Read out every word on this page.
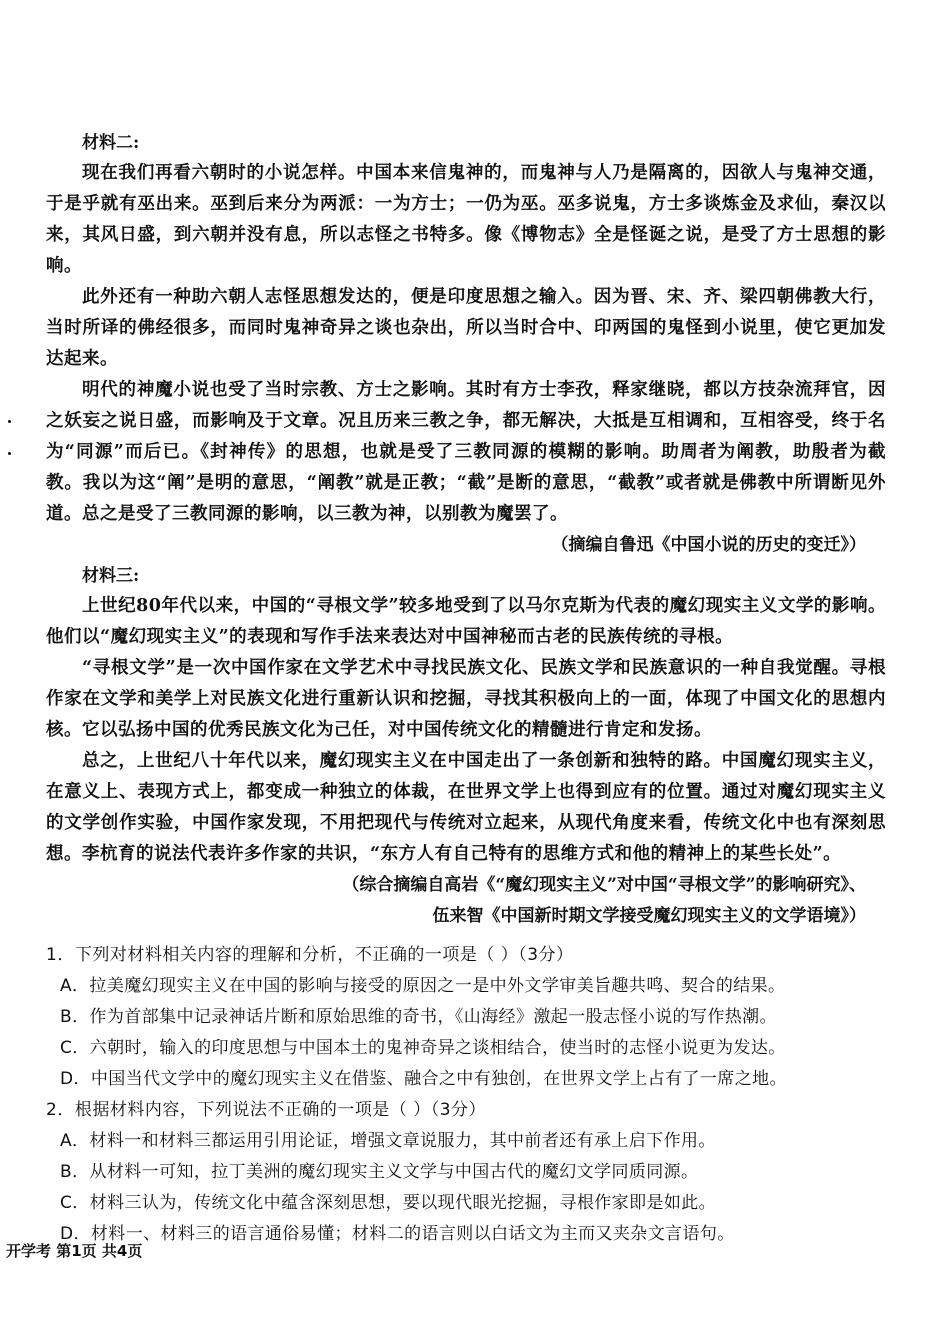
材料二:

现在我们再看六朝时的小说怎样。中国本来信鬼神的，而鬼神与人乃是隔离的，因欲人与鬼神交通，于是乎就有巫出来。巫到后来分为两派：一为方士；一仍为巫。巫多说鬼，方士多谈炼金及求仙，秦汉以来，其风日盛，到六朝并没有息，所以志怪之书特多。像《博物志》全是怪诞之说，是受了方士思想的影响。

此外还有一种助六朝人志怪思想发达的，便是印度思想之输入。因为晋、宋、齐、梁四朝佛教大行，当时所译的佛经很多，而同时鬼神奇异之谈也杂出，所以当时合中、印两国的鬼怪到小说里，使它更加发达起来。

明代的神魔小说也受了当时宗教、方士之影响。其时有方士李孜，释家继晓，都以方技杂流拜官，因之妖妄之说日盛，而影响及于文章。况且历来三教之争，都无解决，大抵是互相调和，互相容受，终于名为“同源”而后已。《封神传》的思想，也就是受了三教同源的模糊的影响。助周者为阐教，助殷者为截教。我以为这“阐”是明的意思，“阐教”就是正教；“截”是断的意思，“截教”或者就是佛教中所谓断见外道。总之是受了三教同源的影响，以三教为神，以别教为魔罢了。

（摘编自鲁迅《中国小说的历史的变迁》）

材料三:

上世纪80年代以来，中国的“寻根文学”较多地受到了以马尔克斯为代表的魔幻现实主义文学的影响。他们以“魔幻现实主义”的表现和写作手法来表达对中国神秘而古老的民族传统的寻根。

“寻根文学”是一次中国作家在文学艺术中寻找民族文化、民族文学和民族意识的一种自我觉醒。寻根作家在文学和美学上对民族文化进行重新认识和挖掘，寻找其积极向上的一面，体现了中国文化的思想内核。它以弘扬中国的优秀民族文化为己任，对中国传统文化的精髓进行肯定和发扬。

总之，上世纪八十年代以来，魔幻现实主义在中国走出了一条创新和独特的路。中国魔幻现实主义，在意义上、表现方式上，都变成一种独立的体裁，在世界文学上也得到应有的位置。通过对魔幻现实主义的文学创作实验，中国作家发现，不用把现代与传统对立起来，从现代角度来看，传统文化中也有深刻思想。李杭育的说法代表许多作家的共识，“东方人有自己特有的思维方式和他的精神上的某些长处”。

（综合摘编自高岩《“魔幻现实主义”对中国“寻根文学”的影响研究》、

伍来智《中国新时期文学接受魔幻现实主义的文学语境》）

1．下列对材料相关内容的理解和分析，不正确的一项是（ ）（3分）
A．拉美魔幻现实主义在中国的影响与接受的原因之一是中外文学审美旨趣共鸣、契合的结果。
B．作为首部集中记录神话片断和原始思维的奇书，《山海经》激起一股志怪小说的写作热潮。
C．六朝时，输入的印度思想与中国本土的鬼神奇异之谈相结合，使当时的志怪小说更为发达。
D．中国当代文学中的魔幻现实主义在借鉴、融合之中有独创，在世界文学上占有了一席之地。
2．根据材料内容，下列说法不正确的一项是（ ）（3分）
A．材料一和材料三都运用引用论证，增强文章说服力，其中前者还有承上启下作用。
B．从材料一可知，拉丁美洲的魔幻现实主义文学与中国古代的魔幻文学同质同源。
C．材料三认为，传统文化中蕴含深刻思想，要以现代眼光挖掘，寻根作家即是如此。
D．材料一、材料三的语言通俗易懂；材料二的语言则以白话文为主而又夹杂文言语句。
开学考 第1页 共4页
